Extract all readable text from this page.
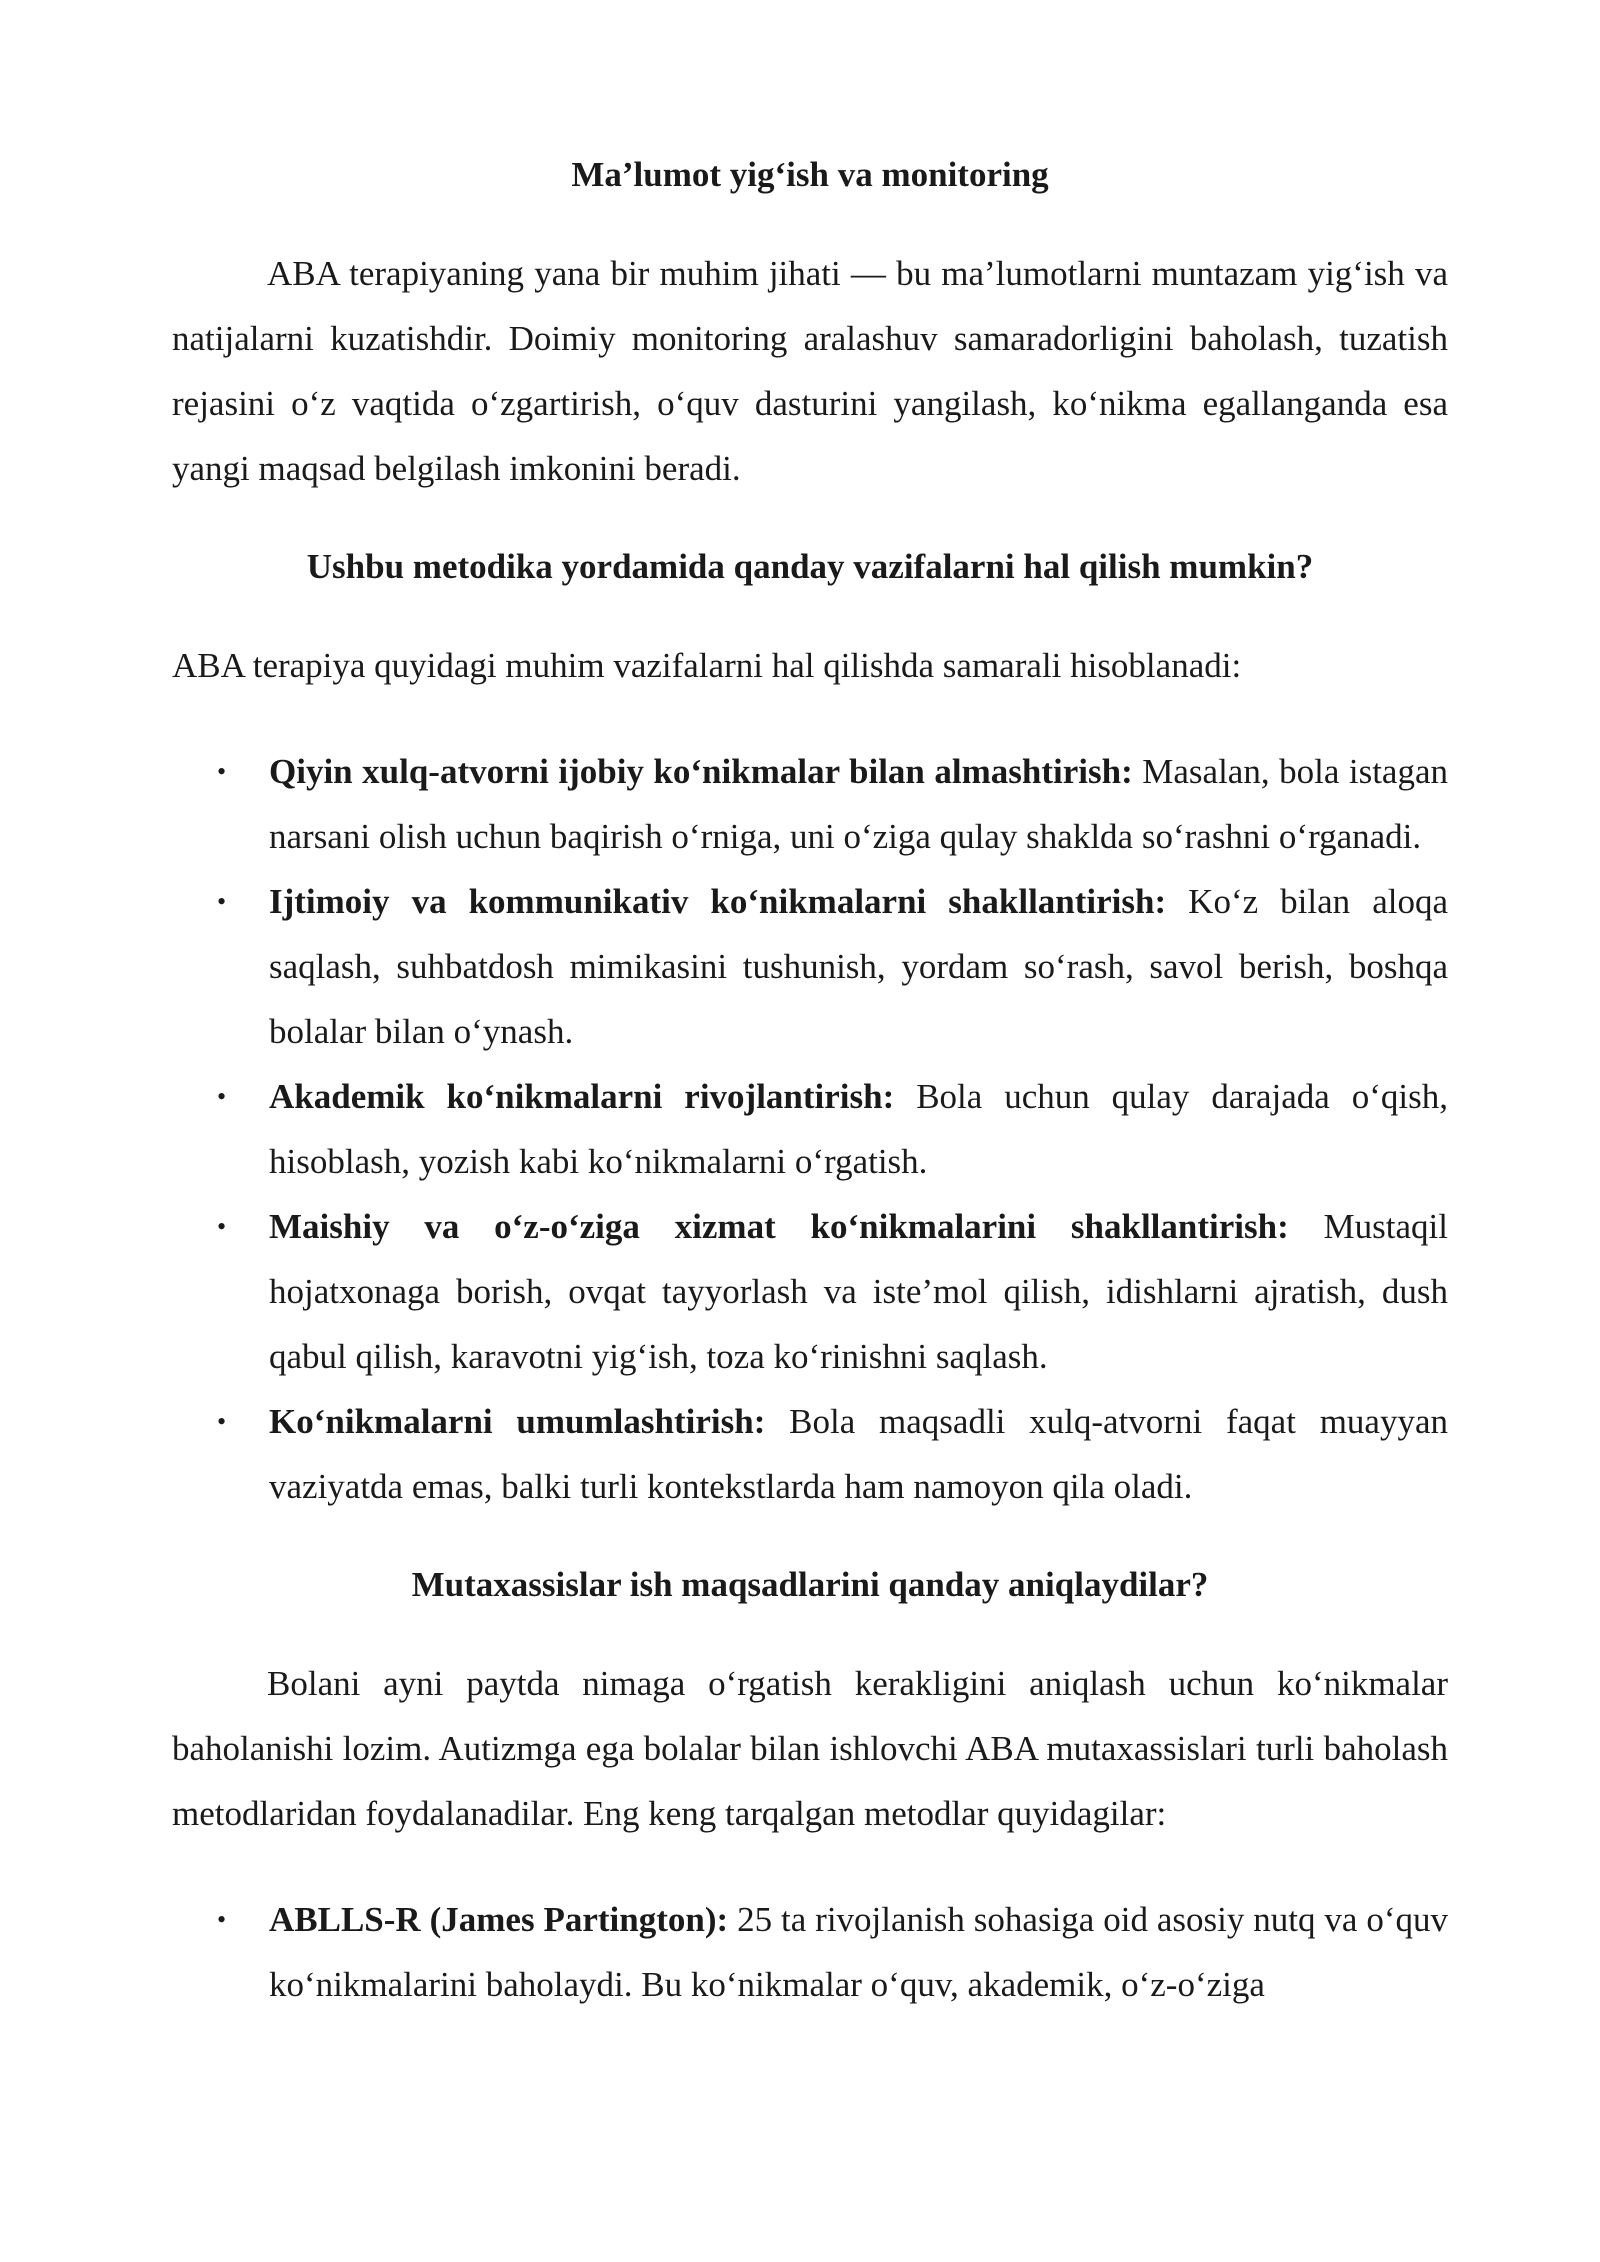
Ma’lumot yig‘ish va monitoring

ABA terapiyaning yana bir muhim jihati — bu ma’lumotlarni muntazam yig‘ish va natijalarni kuzatishdir. Doimiy monitoring aralashuv samaradorligini baholash, tuzatish rejasini o‘z vaqtida o‘zgartirish, o‘quv dasturini yangilash, ko‘nikma egallanganda esa yangi maqsad belgilash imkonini beradi.

Ushbu metodika yordamida qanday vazifalarni hal qilish mumkin?

ABA terapiya quyidagi muhim vazifalarni hal qilishda samarali hisoblanadi:

• Qiyin xulq-atvorni ijobiy ko‘nikmalar bilan almashtirish: Masalan, bola istagan narsani olish uchun baqirish o‘rniga, uni o‘ziga qulay shaklda so‘rashni o‘rganadi.
• Ijtimoiy va kommunikativ ko‘nikmalarni shakllantirish: Ko‘z bilan aloqa saqlash, suhbatdosh mimikasini tushunish, yordam so‘rash, savol berish, boshqa bolalar bilan o‘ynash.
• Akademik ko‘nikmalarni rivojlantirish: Bola uchun qulay darajada o‘qish, hisoblash, yozish kabi ko‘nikmalarni o‘rgatish.
• Maishiy va o‘z-o‘ziga xizmat ko‘nikmalarini shakllantirish: Mustaqil hojatxonaga borish, ovqat tayyorlash va iste’mol qilish, idishlarni ajratish, dush qabul qilish, karavotni yig‘ish, toza ko‘rinishni saqlash.
• Ko‘nikmalarni umumlashtirish: Bola maqsadli xulq-atvorni faqat muayyan vaziyatda emas, balki turli kontekstlarda ham namoyon qila oladi.
Mutaxassislar ish maqsadlarini qanday aniqlaydilar?

Bolani ayni paytda nimaga o‘rgatish kerakligini aniqlash uchun ko‘nikmalar baholanishi lozim. Autizmga ega bolalar bilan ishlovchi ABA mutaxassislari turli baholash metodlaridan foydalanadilar. Eng keng tarqalgan metodlar quyidagilar:

• ABLLS-R (James Partington): 25 ta rivojlanish sohasiga oid asosiy nutq va o‘quv ko‘nikmalarini baholaydi. Bu ko‘nikmalar o‘quv, akademik, o‘z-o‘ziga
